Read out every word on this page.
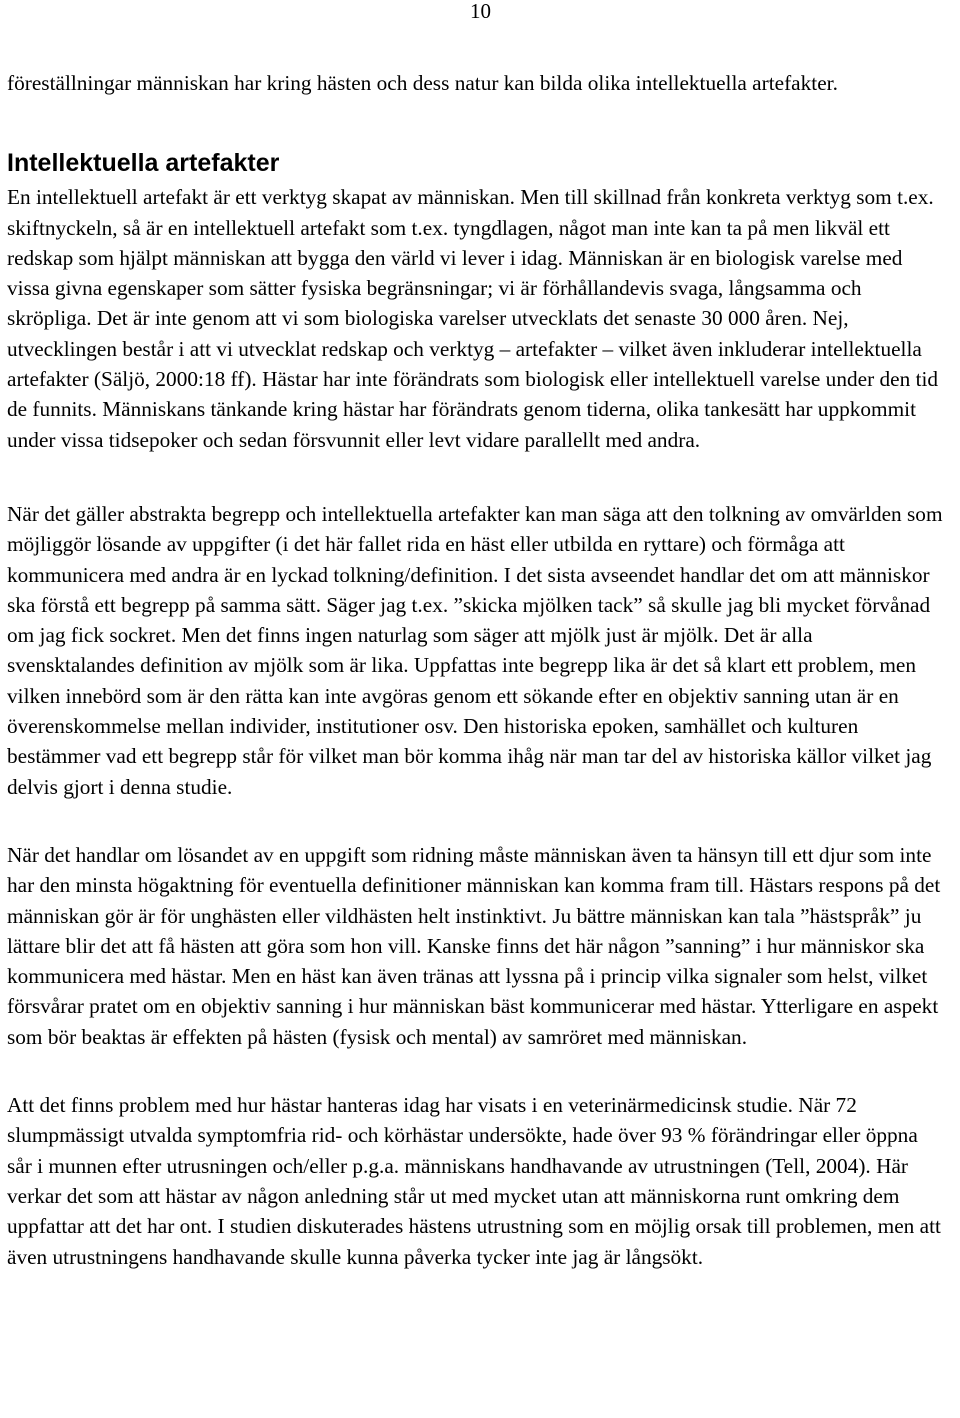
10

föreställningar människan har kring hästen och dess natur kan bilda olika intellektuella artefakter.

Intellektuella artefakter

En intellektuell artefakt är ett verktyg skapat av människan. Men till skillnad från konkreta verktyg som t.ex. skiftnyckeln, så är en intellektuell artefakt som t.ex. tyngdlagen, något man inte kan ta på men likväl ett redskap som hjälpt människan att bygga den värld vi lever i idag. Människan är en biologisk varelse med vissa givna egenskaper som sätter fysiska begränsningar; vi är förhållandevis svaga, långsamma och skröpliga. Det är inte genom att vi som biologiska varelser utvecklats det senaste 30 000 åren. Nej, utvecklingen består i att vi utvecklat redskap och verktyg – artefakter – vilket även inkluderar intellektuella artefakter (Säljö, 2000:18 ff). Hästar har inte förändrats som biologisk eller intellektuell varelse under den tid de funnits. Människans tänkande kring hästar har förändrats genom tiderna, olika tankesätt har uppkommit under vissa tidsepoker och sedan försvunnit eller levt vidare parallellt med andra.

När det gäller abstrakta begrepp och intellektuella artefakter kan man säga att den tolkning av omvärlden som möjliggör lösande av uppgifter (i det här fallet rida en häst eller utbilda en ryttare) och förmåga att kommunicera med andra är en lyckad tolkning/definition. I det sista avseendet handlar det om att människor ska förstå ett begrepp på samma sätt. Säger jag t.ex. ”skicka mjölken tack” så skulle jag bli mycket förvånad om jag fick sockret. Men det finns ingen naturlag som säger att mjölk just är mjölk. Det är alla svensktalandes definition av mjölk som är lika. Uppfattas inte begrepp lika är det så klart ett problem, men vilken innebörd som är den rätta kan inte avgöras genom ett sökande efter en objektiv sanning utan är en överenskommelse mellan individer, institutioner osv. Den historiska epoken, samhället och kulturen bestämmer vad ett begrepp står för vilket man bör komma ihåg när man tar del av historiska källor vilket jag delvis gjort i denna studie.

När det handlar om lösandet av en uppgift som ridning måste människan även ta hänsyn till ett djur som inte har den minsta högaktning för eventuella definitioner människan kan komma fram till. Hästars respons på det människan gör är för unghästen eller vildhästen helt instinktivt. Ju bättre människan kan tala ”hästspråk” ju lättare blir det att få hästen att göra som hon vill. Kanske finns det här någon ”sanning” i hur människor ska kommunicera med hästar. Men en häst kan även tränas att lyssna på i princip vilka signaler som helst, vilket försvårar pratet om en objektiv sanning i hur människan bäst kommunicerar med hästar. Ytterligare en aspekt som bör beaktas är effekten på hästen (fysisk och mental) av samröret med människan.

Att det finns problem med hur hästar hanteras idag har visats i en veterinärmedicinsk studie. När 72 slumpmässigt utvalda symptomfria rid- och körhästar undersökte, hade över 93 % förändringar eller öppna sår i munnen efter utrusningen och/eller p.g.a. människans handhavande av utrustningen (Tell, 2004). Här verkar det som att hästar av någon anledning står ut med mycket utan att människorna runt omkring dem uppfattar att det har ont. I studien diskuterades hästens utrustning som en möjlig orsak till problemen, men att även utrustningens handhavande skulle kunna påverka tycker inte jag är långsökt.
